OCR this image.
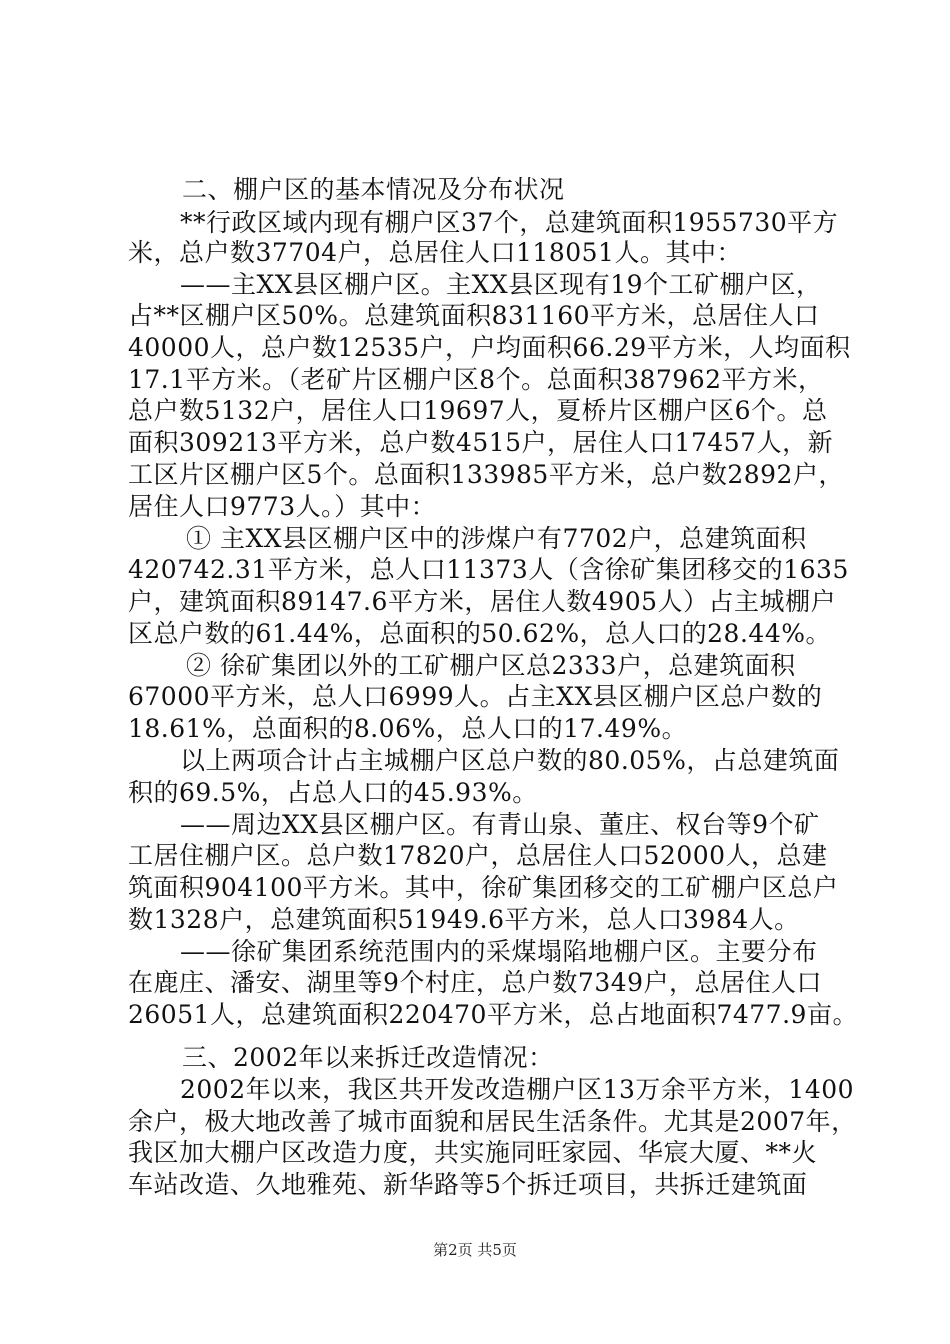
二、棚户区的基本情况及分布状况
**行政区域内现有棚户区37个，总建筑面积1955730平方
米，总户数37704户，总居住人口118051人。其中：
——主XX县区棚户区。主XX县区现有19个工矿棚户区，
占**区棚户区50%。总建筑面积831160平方米，总居住人口
40000人，总户数12535户，户均面积66.29平方米，人均面积
17.1平方米。（老矿片区棚户区8个。总面积387962平方米，
总户数5132户，居住人口19697人，夏桥片区棚户区6个。总
面积309213平方米，总户数4515户，居住人口17457人，新
工区片区棚户区5个。总面积133985平方米，总户数2892户，
居住人口9773人。）其中：
① 主XX县区棚户区中的涉煤户有7702户，总建筑面积
420742.31平方米，总人口11373人（含徐矿集团移交的1635
户，建筑面积89147.6平方米，居住人数4905人）占主城棚户
区总户数的61.44%，总面积的50.62%，总人口的28.44%。
② 徐矿集团以外的工矿棚户区总2333户，总建筑面积
67000平方米，总人口6999人。占主XX县区棚户区总户数的
18.61%，总面积的8.06%，总人口的17.49%。
以上两项合计占主城棚户区总户数的80.05%，占总建筑面
积的69.5%，占总人口的45.93%。
——周边XX县区棚户区。有青山泉、董庄、权台等9个矿
工居住棚户区。总户数17820户，总居住人口52000人，总建
筑面积904100平方米。其中，徐矿集团移交的工矿棚户区总户
数1328户，总建筑面积51949.6平方米，总人口3984人。
——徐矿集团系统范围内的采煤塌陷地棚户区。主要分布
在鹿庄、潘安、湖里等9个村庄，总户数7349户，总居住人口
26051人，总建筑面积220470平方米，总占地面积7477.9亩。
三、2002年以来拆迁改造情况：
2002年以来，我区共开发改造棚户区13万余平方米，1400
余户，极大地改善了城市面貌和居民生活条件。尤其是2007年，
我区加大棚户区改造力度，共实施同旺家园、华宸大厦、**火
车站改造、久地雅苑、新华路等5个拆迁项目，共拆迁建筑面
第2页 共5页
